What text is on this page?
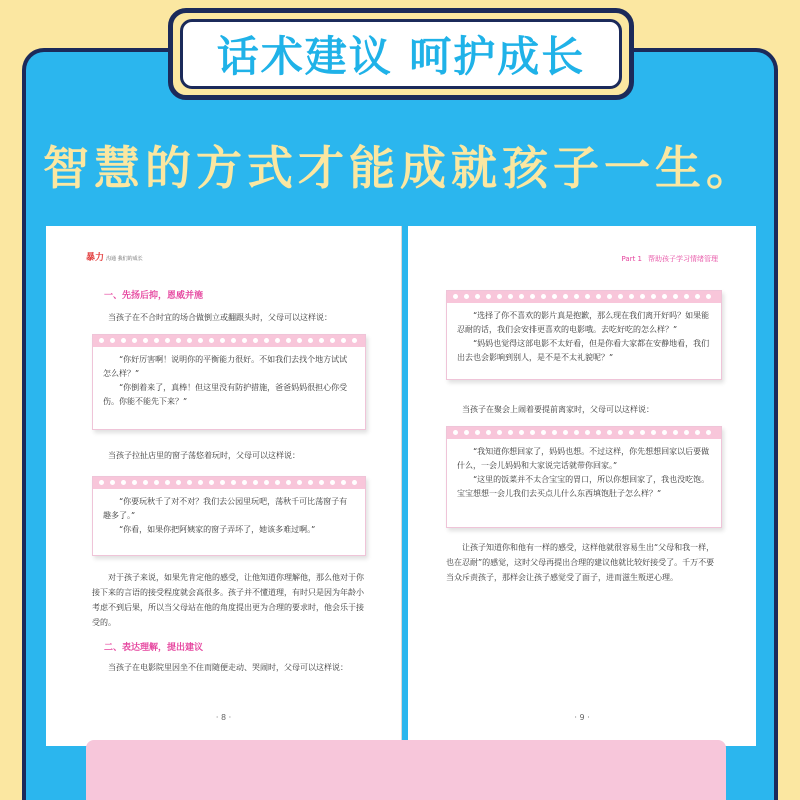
话术建议 呵护成长
智慧的方式才能成就孩子一生。
暴力 沟通 我们的成长
一、先扬后抑，恩威并施
当孩子在不合时宜的场合做倒立或翻跟头时，父母可以这样说：

“你好厉害啊！说明你的平衡能力很好。不如我们去找个地方试试怎么样？”

“你倒着来了，真棒！但这里没有防护措施，爸爸妈妈很担心你受伤。你能不能先下来？”

当孩子拉扯店里的窗子荡悠着玩时，父母可以这样说：

“你要玩秋千了对不对？我们去公园里玩吧，荡秋千可比荡窗子有趣多了。”

“你看，如果你把阿姨家的窗子弄坏了，她该多难过啊。”

对于孩子来说，如果先肯定他的感受，让他知道你理解他，那么他对于你接下来的言语的接受程度就会高很多。孩子并不懂道理，有时只是因为年龄小考虑不到后果，所以当父母站在他的角度提出更为合理的要求时，他会乐于接受的。
二、表达理解，提出建议
当孩子在电影院里因坐不住而随便走动、哭闹时，父母可以这样说：
· 8 ·
Part 1 帮助孩子学习情绪管理

“选择了你不喜欢的影片真是抱歉，那么现在我们离开好吗？如果能忍耐的话，我们会安排更喜欢的电影哦。去吃好吃的怎么样？”

“妈妈也觉得这部电影不太好看，但是你看大家都在安静地看，我们出去也会影响到别人，是不是不太礼貌呢？”

当孩子在聚会上闹着要提前离家时，父母可以这样说：

“我知道你想回家了，妈妈也想。不过这样，你先想想回家以后要做什么，一会儿妈妈和大家说完话就带你回家。”

“这里的饭菜并不太合宝宝的胃口，所以你想回家了，我也没吃饱。宝宝想想一会儿我们去买点儿什么东西填饱肚子怎么样？”

让孩子知道你和他有一样的感受，这样他就很容易生出“父母和我一样，也在忍耐”的感觉，这时父母再提出合理的建议他就比较好接受了。千万不要当众斥责孩子，那样会让孩子感觉受了面子，进而滋生叛逆心理。
· 9 ·
